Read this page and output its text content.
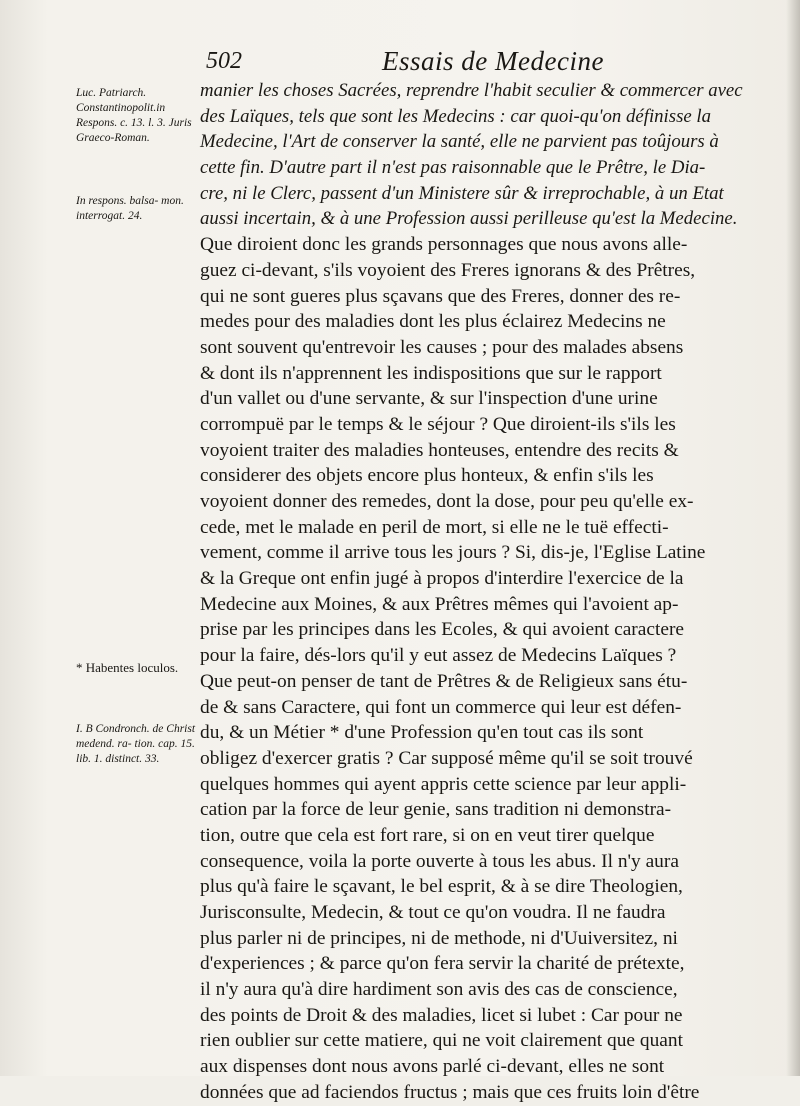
502	Essais de Medecine
Luc. Patriarch. Constantinopolit.in Respons. c. 13. l. 3. Juris Graeco-Roman.
In respons. balsa- mon. interrogat. 24.
* Habentes loculos.
I. B Condronch. de Christ medend. ra- tion. cap. 15. lib. 1. distinct. 33.
manier les choses Sacrées, reprendre l'habit seculier & commercer avec
des Laïques, tels que sont les Medecins : car quoi-qu'on définisse la
Medecine, l'Art de conserver la santé, elle ne parvient pas toûjours à
cette fin. D'autre part il n'est pas raisonnable que le Prêtre, le Dia-
cre, ni le Clerc, passent d'un Ministere sûr & irreprochable, à un Etat
aussi incertain, & à une Profession aussi perilleuse qu'est la Medecine.
Que diroient donc les grands personnages que nous avons alle-
guez ci-devant, s'ils voyoient des Freres ignorans & des Prêtres,
qui ne sont gueres plus sçavans que des Freres, donner des re-
medes pour des maladies dont les plus éclairez Medecins ne
sont souvent qu'entrevoir les causes ; pour des malades absens
& dont ils n'apprennent les indispositions que sur le rapport
d'un vallet ou d'une servante, & sur l'inspection d'une urine
corrompuë par le temps & le séjour ? Que diroient-ils s'ils les
voyoient traiter des maladies honteuses, entendre des recits &
considerer des objets encore plus honteux, & enfin s'ils les
voyoient donner des remedes, dont la dose, pour peu qu'elle ex-
cede, met le malade en peril de mort, si elle ne le tuë effecti-
vement, comme il arrive tous les jours ? Si, dis-je, l'Eglise Latine
& la Greque ont enfin jugé à propos d'interdire l'exercice de la
Medecine aux Moines, & aux Prêtres mêmes qui l'avoient ap-
prise par les principes dans les Ecoles, & qui avoient caractere
pour la faire, dés-lors qu'il y eut assez de Medecins Laïques ?
Que peut-on penser de tant de Prêtres & de Religieux sans étu-
de & sans Caractere, qui font un commerce qui leur est défen-
du, & un Métier * d'une Profession qu'en tout cas ils sont
obligez d'exercer gratis ? Car supposé même qu'il se soit trouvé
quelques hommes qui ayent appris cette science par leur appli-
cation par la force de leur genie, sans tradition ni demonstra-
tion, outre que cela est fort rare, si on en veut tirer quelque
consequence, voila la porte ouverte à tous les abus. Il n'y aura
plus qu'à faire le sçavant, le bel esprit, & à se dire Theologien,
Jurisconsulte, Medecin, & tout ce qu'on voudra. Il ne faudra
plus parler ni de principes, ni de methode, ni d'Uuiversitez, ni
d'experiences ; & parce qu'on fera servir la charité de prétexte,
il n'y aura qu'à dire hardiment son avis des cas de conscience,
des points de Droit & des maladies, licet si lubet : Car pour ne
rien oublier sur cette matiere, qui ne voit clairement que quant
aux dispenses dont nous avons parlé ci-devant, elles ne sont
données que ad faciendos fructus ; mais que ces fruits loin d'être
